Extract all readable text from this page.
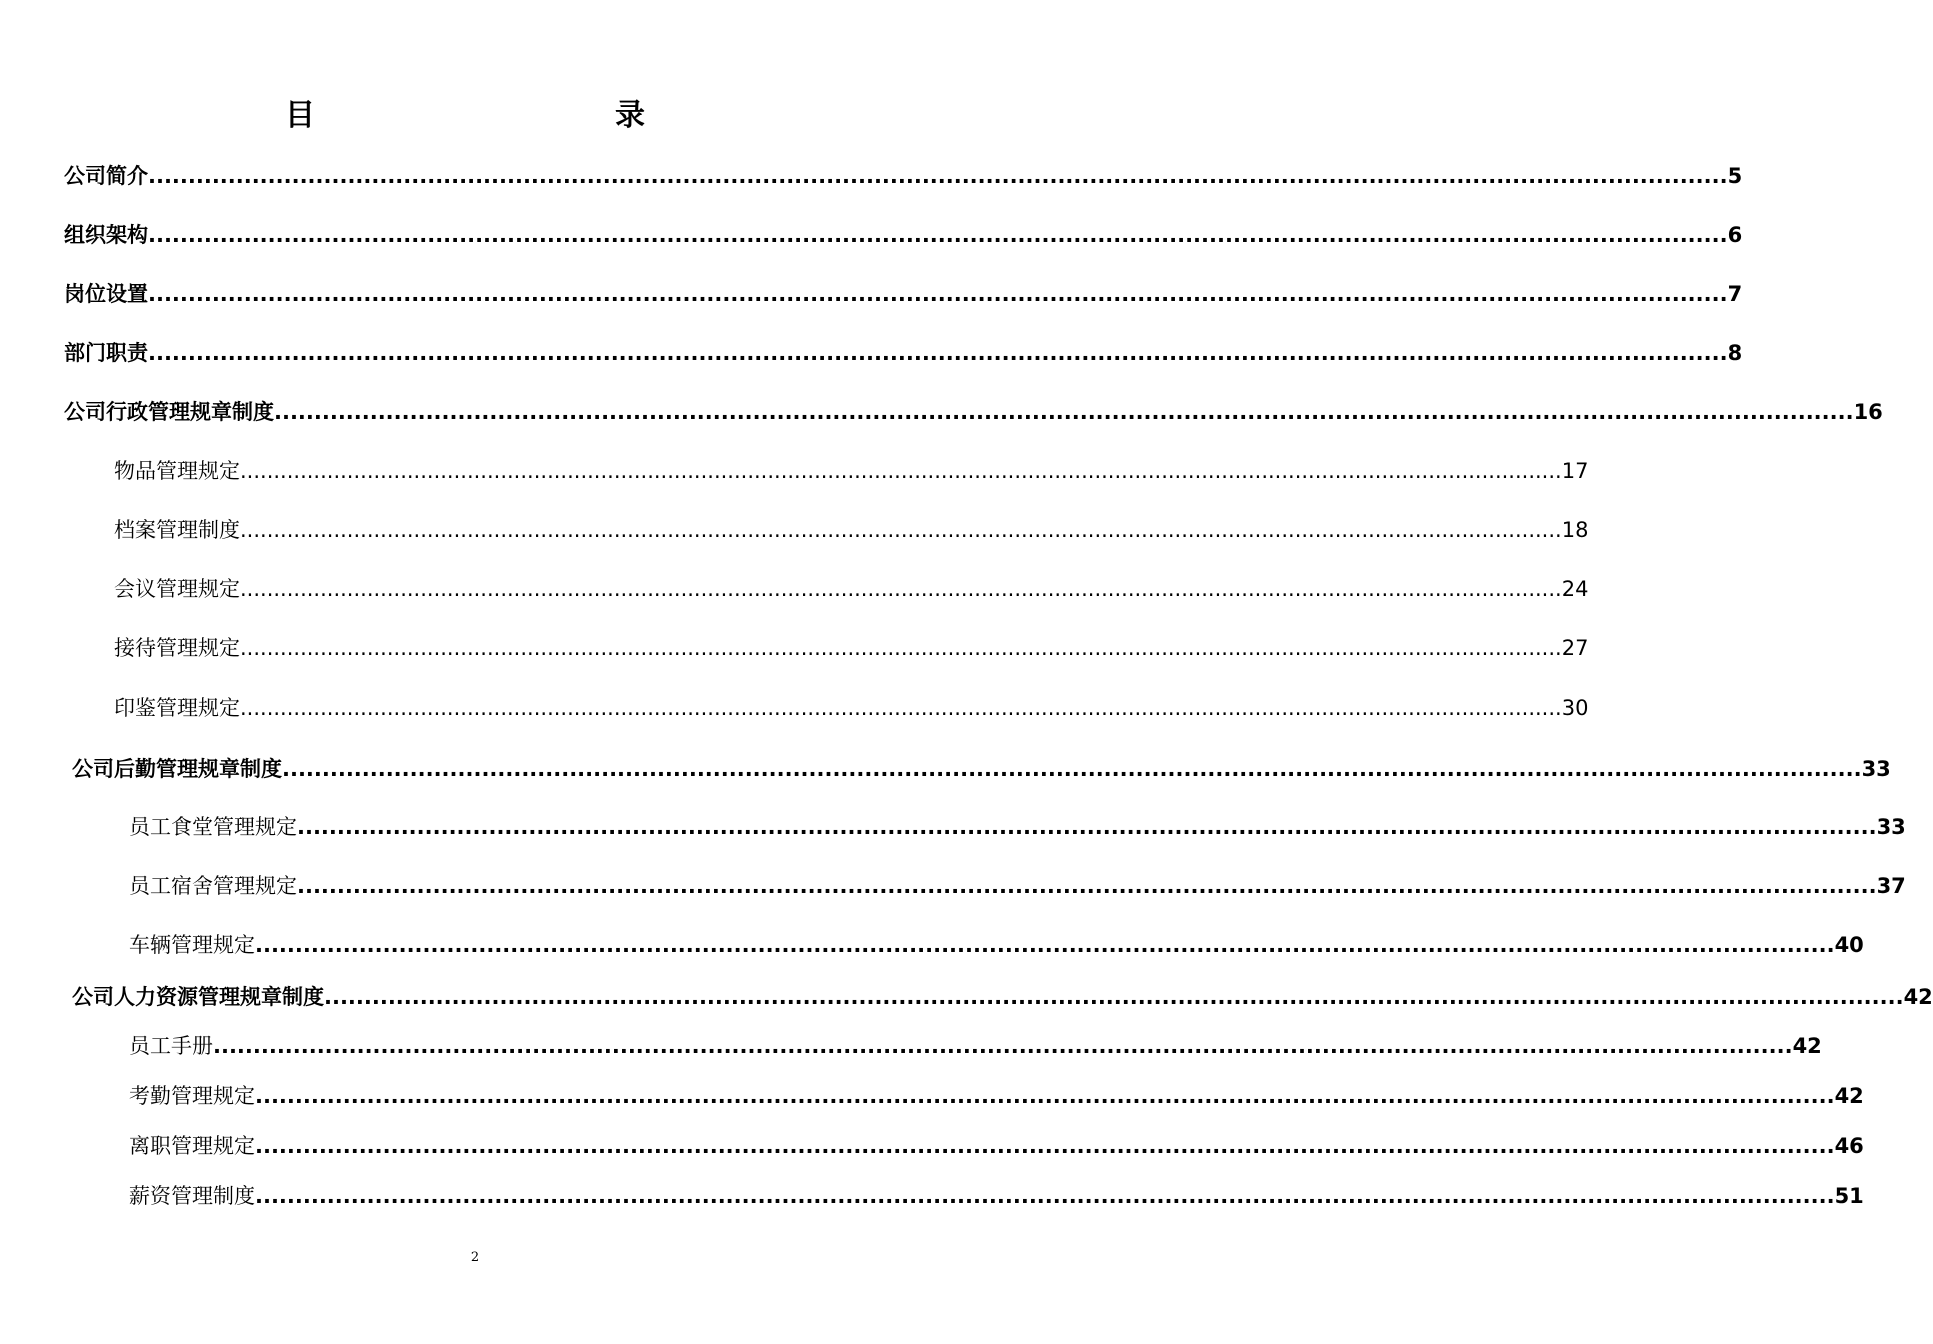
目　　录
公司简介 ...................................................................................................................................................................................................... 5
组织架构 ...................................................................................................................................................................................................... 6
岗位设置 ...................................................................................................................................................................................................... 7
部门职责 ...................................................................................................................................................................................................... 8
公司行政管理规章制度 ...................................................................................................................................................................................................... 16
物品管理规定 ...................................................................................................................................................................................................... 17
档案管理制度 ...................................................................................................................................................................................................... 18
会议管理规定 ...................................................................................................................................................................................................... 24
接待管理规定 ...................................................................................................................................................................................................... 27
印鉴管理规定 ...................................................................................................................................................................................................... 30
公司后勤管理规章制度 ...................................................................................................................................................................................................... 33
员工食堂管理规定 ...................................................................................................................................................................................................... 33
员工宿舍管理规定 ...................................................................................................................................................................................................... 37
车辆管理规定 ...................................................................................................................................................................................................... 40
公司人力资源管理规章制度 ...................................................................................................................................................................................................... 42
员工手册 ...................................................................................................................................................................................................... 42
考勤管理规定 ...................................................................................................................................................................................................... 42
离职管理规定 ...................................................................................................................................................................................................... 46
薪资管理制度 ...................................................................................................................................................................................................... 51
2
